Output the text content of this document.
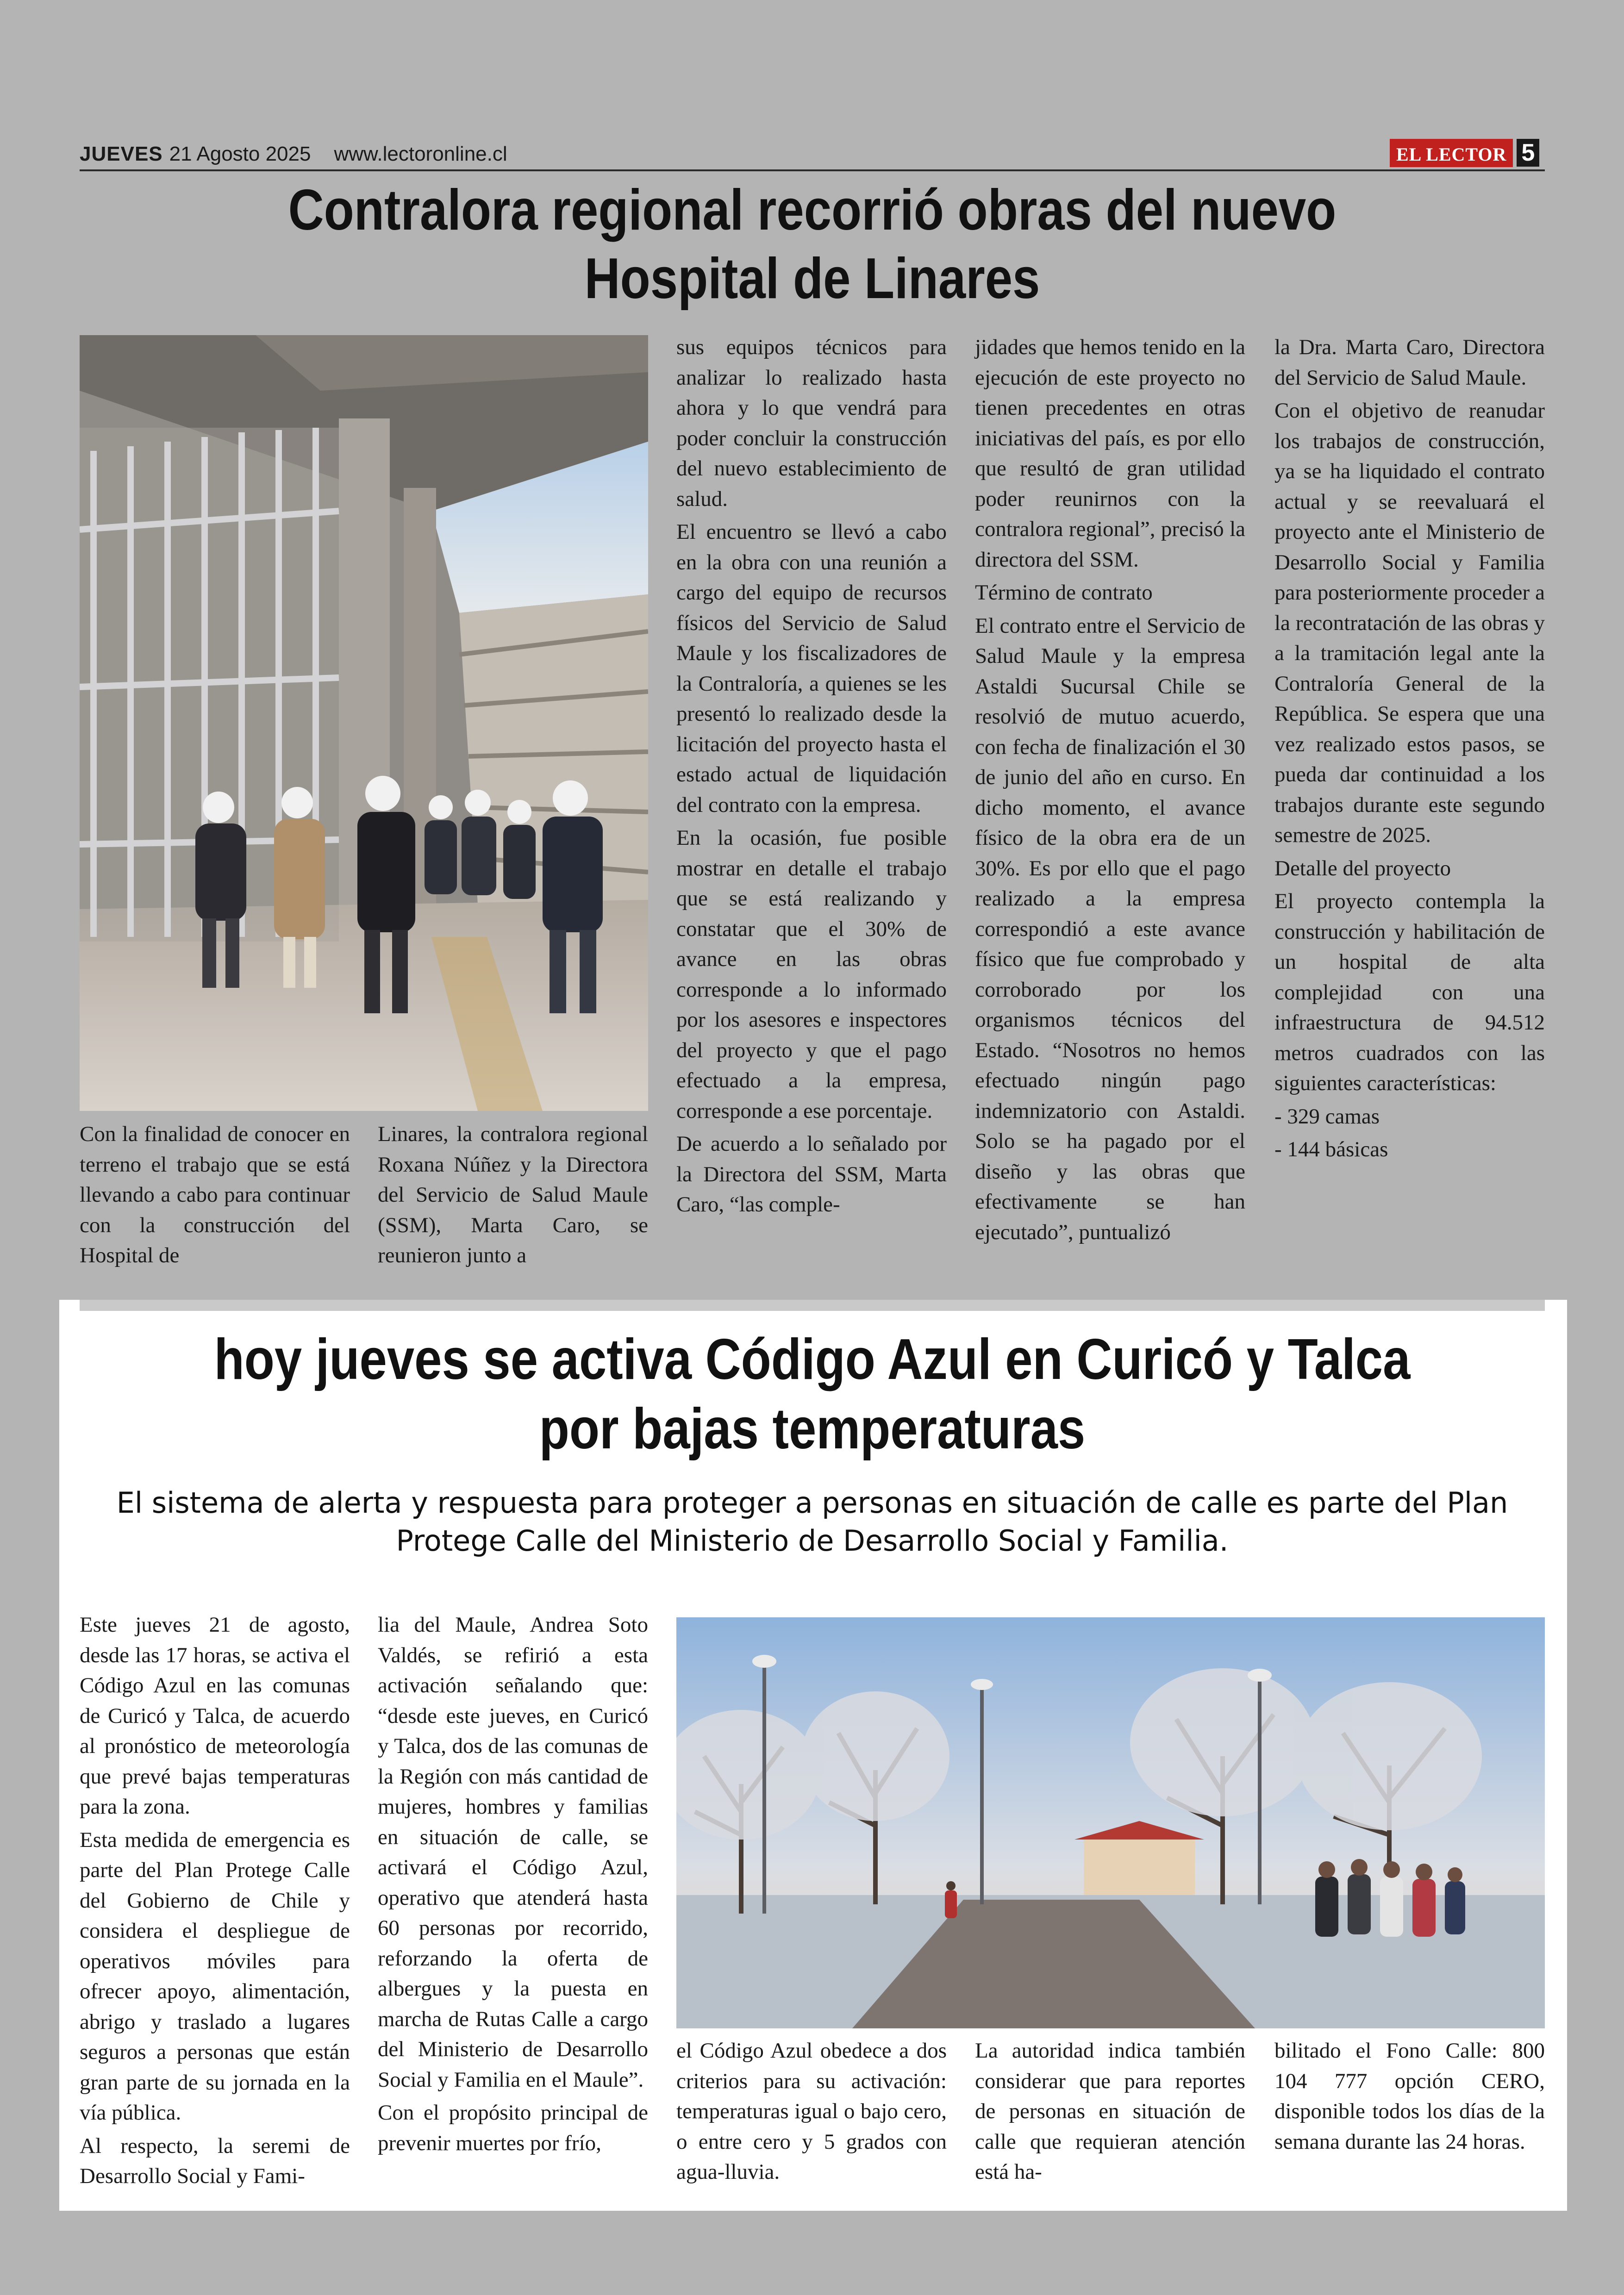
JUEVES 21 Agosto 2025 www.lectoronline.cl	EL LECTOR 5
Contralora regional recorrió obras del nuevo
Hospital de Linares

Con la finalidad de conocer en terreno el trabajo que se está llevando a cabo para continuar con la construcción del Hospital de

Linares, la contralora regional Roxana Núñez y la Directora del Servicio de Salud Maule (SSM), Marta Caro, se reunieron junto a

sus equipos técnicos para analizar lo realizado hasta ahora y lo que vendrá para poder concluir la construcción del nuevo establecimiento de salud.

El encuentro se llevó a cabo en la obra con una reunión a cargo del equipo de recursos físicos del Servicio de Salud Maule y los fiscalizadores de la Contraloría, a quienes se les presentó lo realizado desde la licitación del proyecto hasta el estado actual de liquidación del contrato con la empresa.

En la ocasión, fue posible mostrar en detalle el trabajo que se está realizando y constatar que el 30% de avance en las obras corresponde a lo informado por los asesores e inspectores del proyecto y que el pago efectuado a la empresa, corresponde a ese porcentaje.

De acuerdo a lo señalado por la Directora del SSM, Marta Caro, “las comple-

jidades que hemos tenido en la ejecución de este proyecto no tienen precedentes en otras iniciativas del país, es por ello que resultó de gran utilidad poder reunirnos con la contralora regional”, precisó la directora del SSM.

Término de contrato

El contrato entre el Servicio de Salud Maule y la empresa Astaldi Sucursal Chile se resolvió de mutuo acuerdo, con fecha de finalización el 30 de junio del año en curso. En dicho momento, el avance físico de la obra era de un 30%. Es por ello que el pago realizado a la empresa correspondió a este avance físico que fue comprobado y corroborado por los organismos técnicos del Estado. “Nosotros no hemos efectuado ningún pago indemnizatorio con Astaldi. Solo se ha pagado por el diseño y las obras que efectivamente se han ejecutado”, puntualizó

la Dra. Marta Caro, Directora del Servicio de Salud Maule.

Con el objetivo de reanudar los trabajos de construcción, ya se ha liquidado el contrato actual y se reevaluará el proyecto ante el Ministerio de Desarrollo Social y Familia para posteriormente proceder a la recontratación de las obras y a la tramitación legal ante la Contraloría General de la República. Se espera que una vez realizado estos pasos, se pueda dar continuidad a los trabajos durante este segundo semestre de 2025.

Detalle del proyecto

El proyecto contempla la construcción y habilitación de un hospital de alta complejidad con una infraestructura de 94.512 metros cuadrados con las siguientes características:

- 329 camas

- 144 básicas

hoy jueves se activa Código Azul en Curicó y Talca
por bajas temperaturas
El sistema de alerta y respuesta para proteger a personas en situación de calle es parte del Plan Protege Calle del Ministerio de Desarrollo Social y Familia.

Este jueves 21 de agosto, desde las 17 horas, se activa el Código Azul en las comunas de Curicó y Talca, de acuerdo al pronóstico de meteorología que prevé bajas temperaturas para la zona.

Esta medida de emergencia es parte del Plan Protege Calle del Gobierno de Chile y considera el despliegue de operativos móviles para ofrecer apoyo, alimentación, abrigo y traslado a lugares seguros a personas que están gran parte de su jornada en la vía pública.

Al respecto, la seremi de Desarrollo Social y Fami-

lia del Maule, Andrea Soto Valdés, se refirió a esta activación señalando que: “desde este jueves, en Curicó y Talca, dos de las comunas de la Región con más cantidad de mujeres, hombres y familias en situación de calle, se activará el Código Azul, operativo que atenderá hasta 60 personas por recorrido, reforzando la oferta de albergues y la puesta en marcha de Rutas Calle a cargo del Ministerio de Desarrollo Social y Familia en el Maule”.

Con el propósito principal de prevenir muertes por frío,

el Código Azul obedece a dos criterios para su activación: temperaturas igual o bajo cero, o entre cero y 5 grados con agua-lluvia.

La autoridad indica también considerar que para reportes de personas en situación de calle que requieran atención está ha-

bilitado el Fono Calle: 800 104 777 opción CERO, disponible todos los días de la semana durante las 24 horas.
